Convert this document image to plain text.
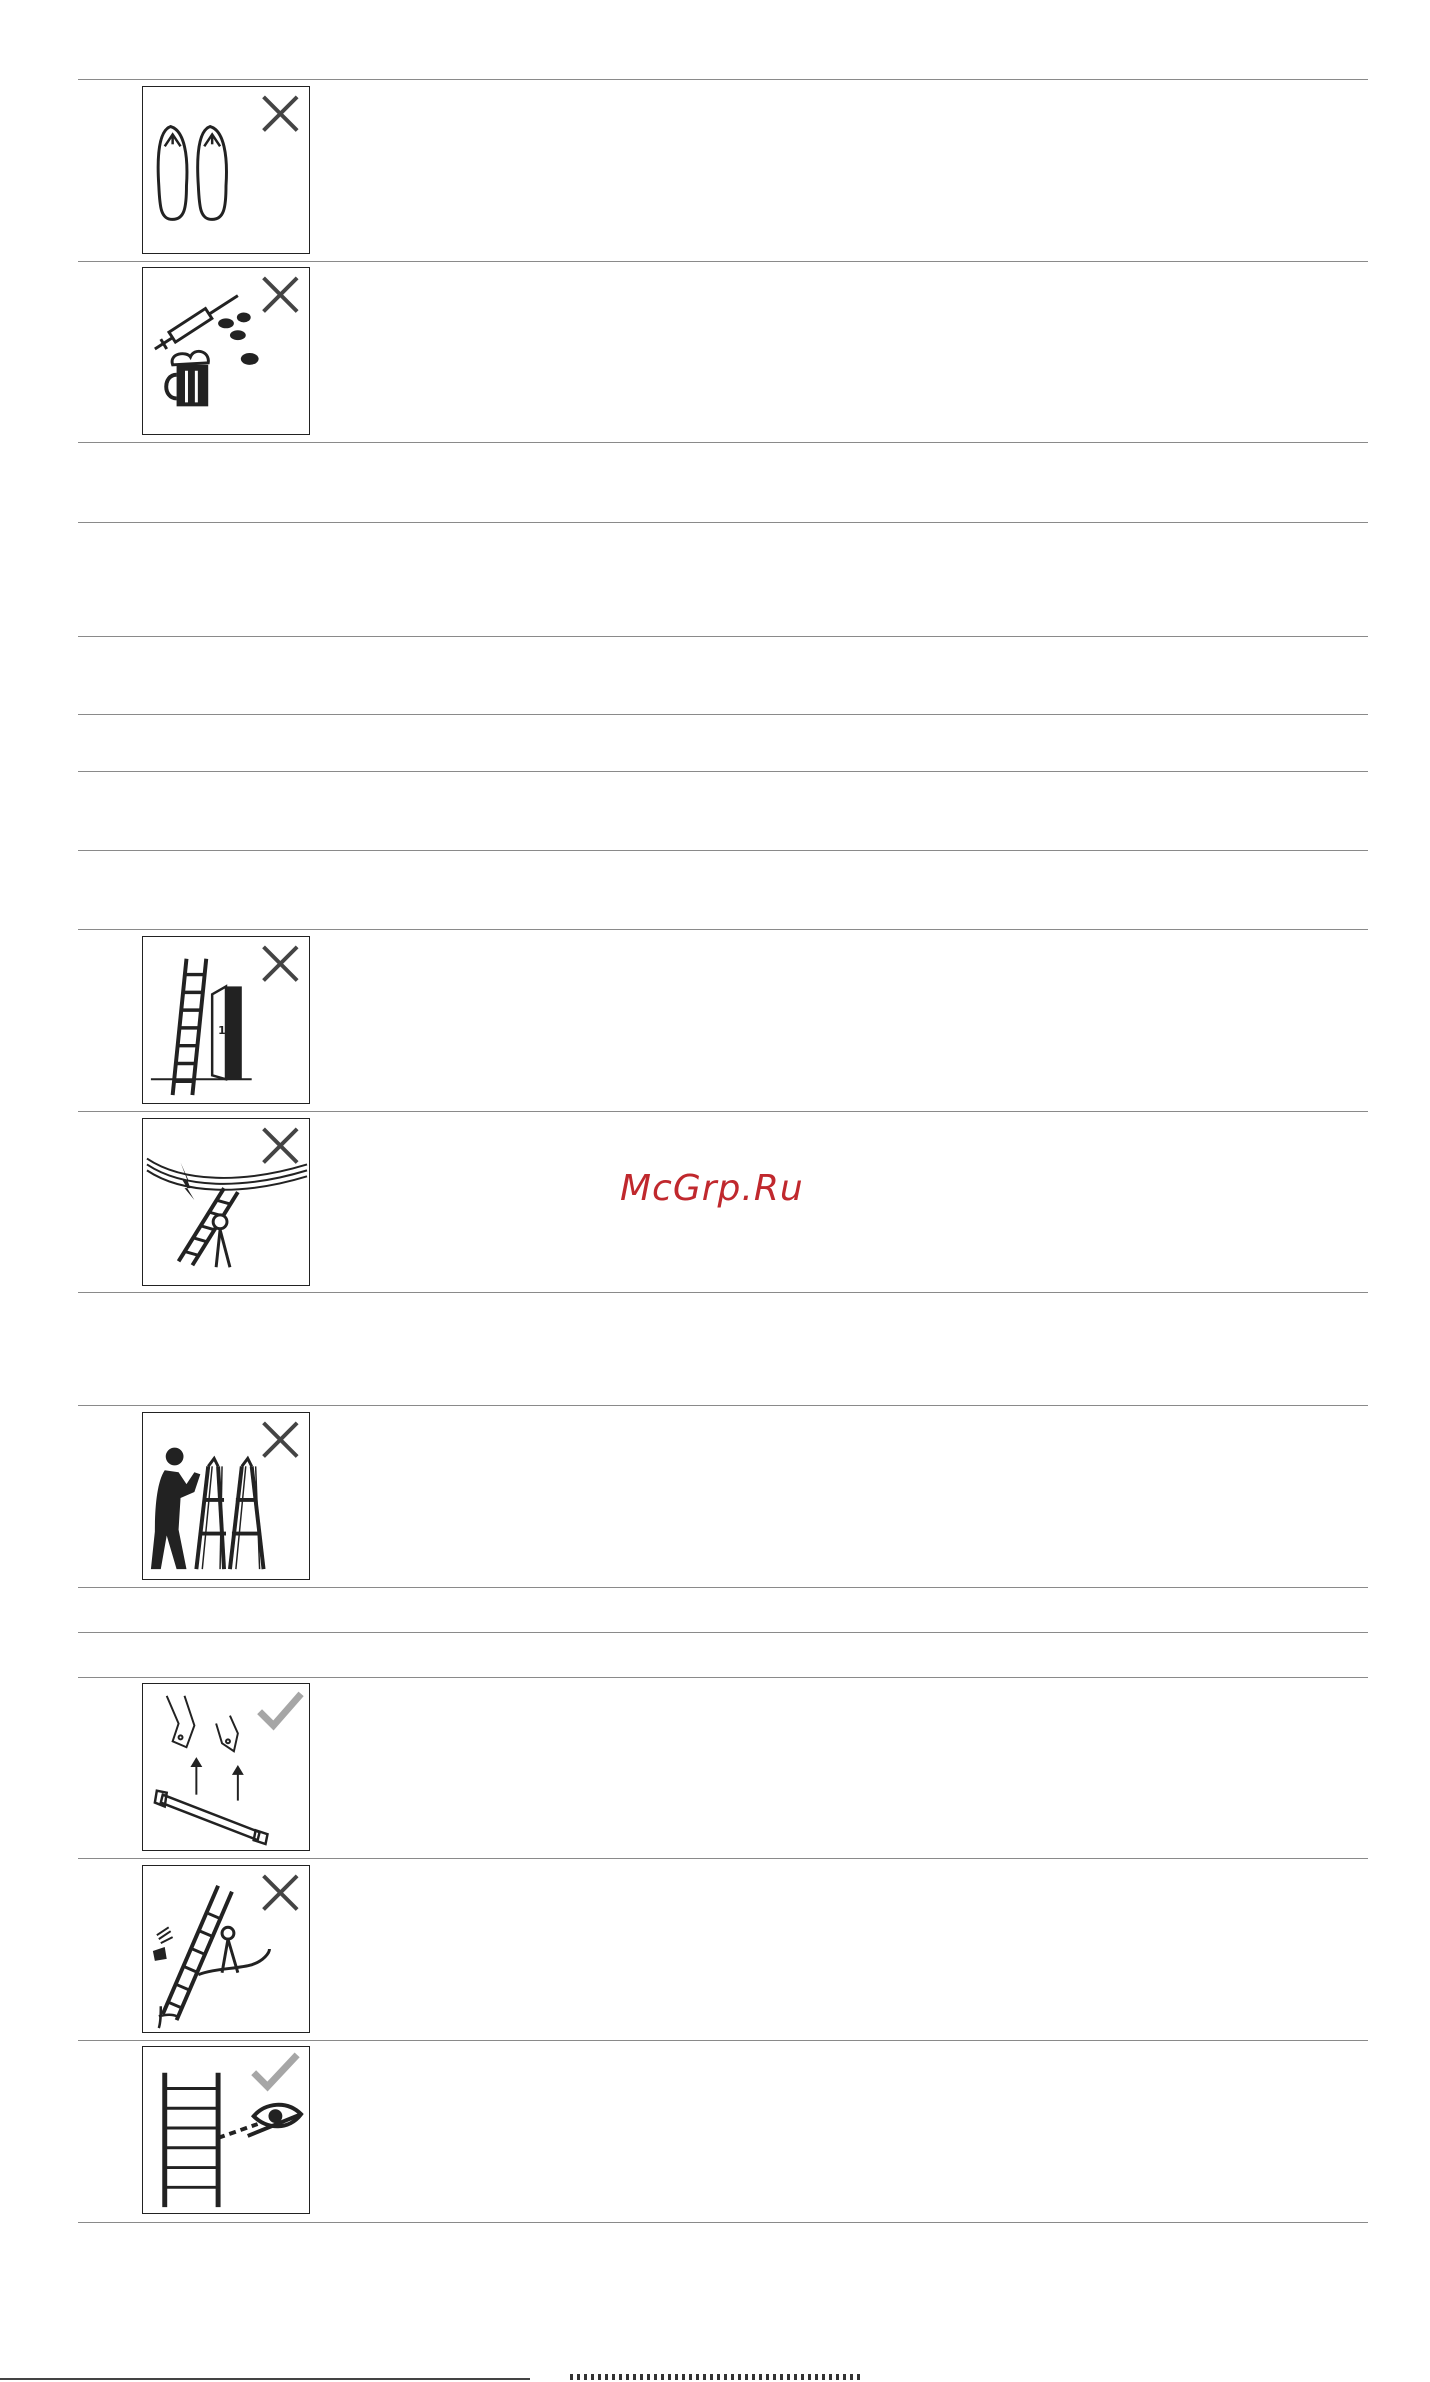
1
McGrp.Ru
